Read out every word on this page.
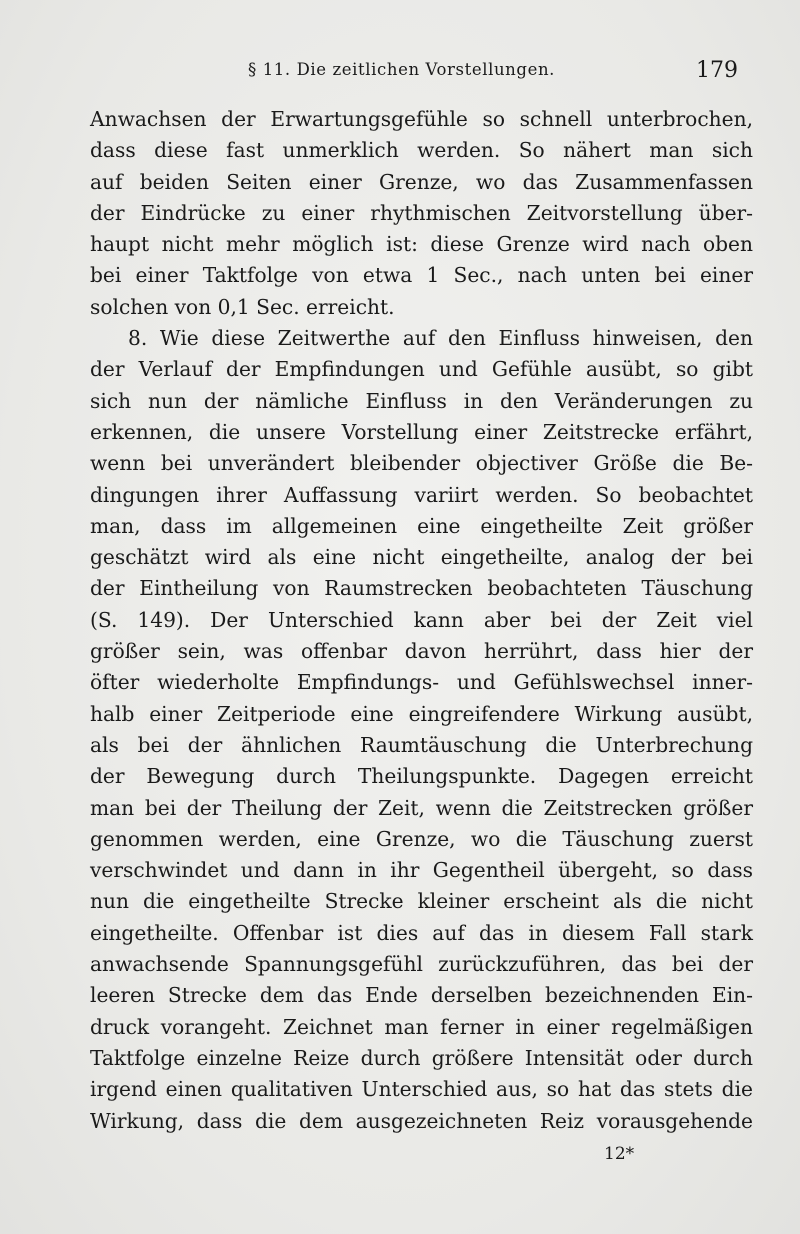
§ 11. Die zeitlichen Vorstellungen.	179
Anwachsen der Erwartungsgefühle so schnell unterbrochen,
dass diese fast unmerklich werden. So nähert man sich
auf beiden Seiten einer Grenze, wo das Zusammenfassen
der Eindrücke zu einer rhythmischen Zeitvorstellung über-
haupt nicht mehr möglich ist: diese Grenze wird nach oben
bei einer Taktfolge von etwa 1 Sec., nach unten bei einer
solchen von 0,1 Sec. erreicht.
8. Wie diese Zeitwerthe auf den Einfluss hinweisen, den
der Verlauf der Empfindungen und Gefühle ausübt, so gibt
sich nun der nämliche Einfluss in den Veränderungen zu
erkennen, die unsere Vorstellung einer Zeitstrecke erfährt,
wenn bei unverändert bleibender objectiver Größe die Be-
dingungen ihrer Auffassung variirt werden. So beobachtet
man, dass im allgemeinen eine eingetheilte Zeit größer
geschätzt wird als eine nicht eingetheilte, analog der bei
der Eintheilung von Raumstrecken beobachteten Täuschung
(S. 149). Der Unterschied kann aber bei der Zeit viel
größer sein, was offenbar davon herrührt, dass hier der
öfter wiederholte Empfindungs- und Gefühlswechsel inner-
halb einer Zeitperiode eine eingreifendere Wirkung ausübt,
als bei der ähnlichen Raumtäuschung die Unterbrechung
der Bewegung durch Theilungspunkte. Dagegen erreicht
man bei der Theilung der Zeit, wenn die Zeitstrecken größer
genommen werden, eine Grenze, wo die Täuschung zuerst
verschwindet und dann in ihr Gegentheil übergeht, so dass
nun die eingetheilte Strecke kleiner erscheint als die nicht
eingetheilte. Offenbar ist dies auf das in diesem Fall stark
anwachsende Spannungsgefühl zurückzuführen, das bei der
leeren Strecke dem das Ende derselben bezeichnenden Ein-
druck vorangeht. Zeichnet man ferner in einer regelmäßigen
Taktfolge einzelne Reize durch größere Intensität oder durch
irgend einen qualitativen Unterschied aus, so hat das stets die
Wirkung, dass die dem ausgezeichneten Reiz vorausgehende
12*
